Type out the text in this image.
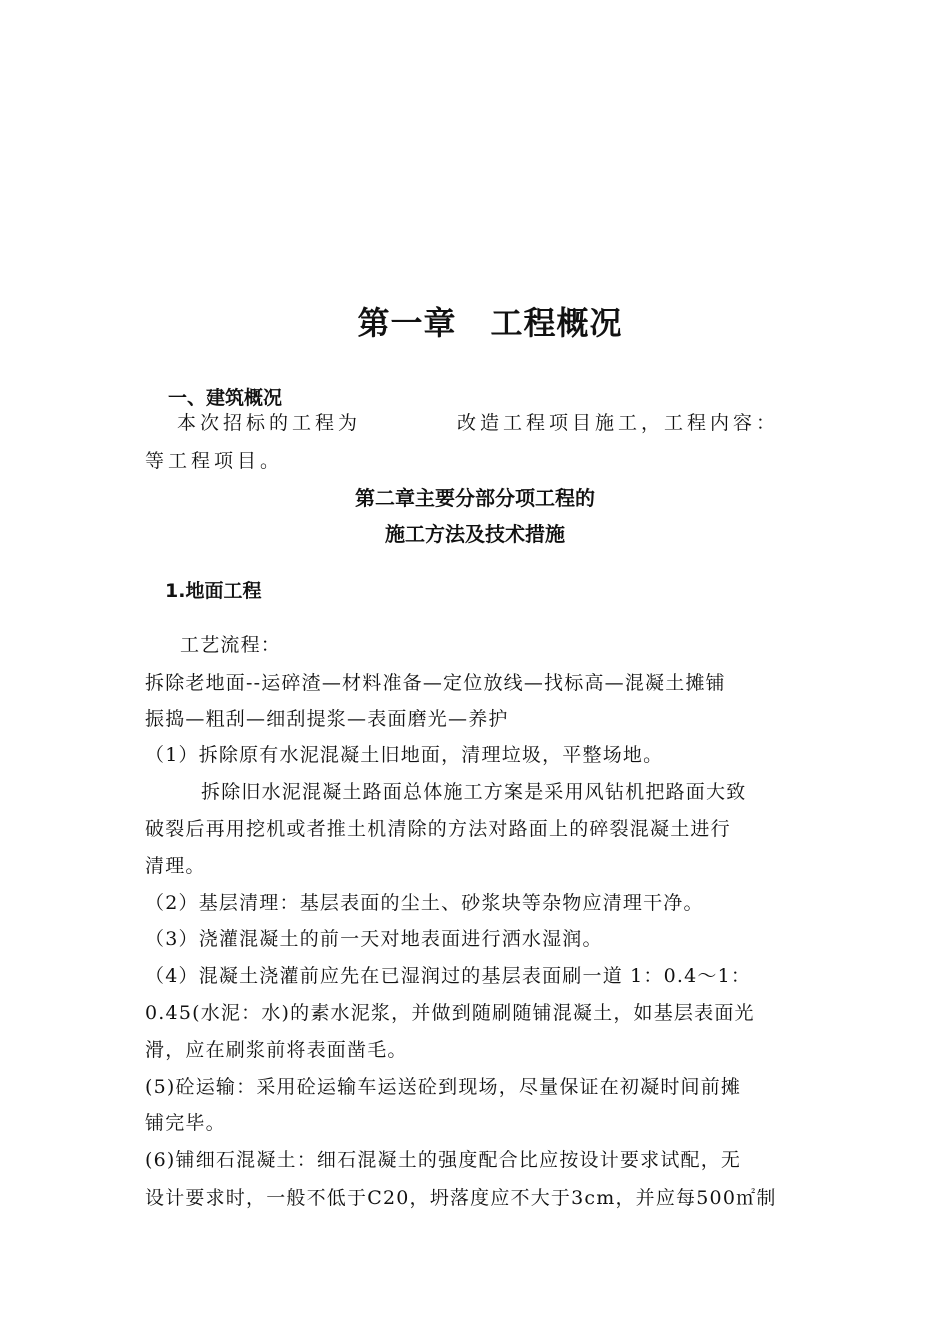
第一章 工程概况

一、建筑概况

本次招标的工程为	改造工程项目施工，工程内容：

等工程项目。

第二章主要分部分项工程的

施工方法及技术措施

1.地面工程

工艺流程：

拆除老地面--运碎渣—材料准备—定位放线—找标高—混凝土摊铺

振捣—粗刮—细刮提浆—表面磨光—养护

（1）拆除原有水泥混凝土旧地面，清理垃圾，平整场地。

拆除旧水泥混凝土路面总体施工方案是采用风钻机把路面大致

破裂后再用挖机或者推土机清除的方法对路面上的碎裂混凝土进行

清理。

（2）基层清理：基层表面的尘土、砂浆块等杂物应清理干净。

（3）浇灌混凝土的前一天对地表面进行洒水湿润。

（4）混凝土浇灌前应先在已湿润过的基层表面刷一道 1：0.4～1：

0.45(水泥：水)的素水泥浆，并做到随刷随铺混凝土，如基层表面光

滑，应在刷浆前将表面凿毛。

(5)砼运输：采用砼运输车运送砼到现场，尽量保证在初凝时间前摊

铺完毕。

(6)铺细石混凝土：细石混凝土的强度配合比应按设计要求试配，无

设计要求时，一般不低于C20，坍落度应不大于3cm，并应每500㎡制
